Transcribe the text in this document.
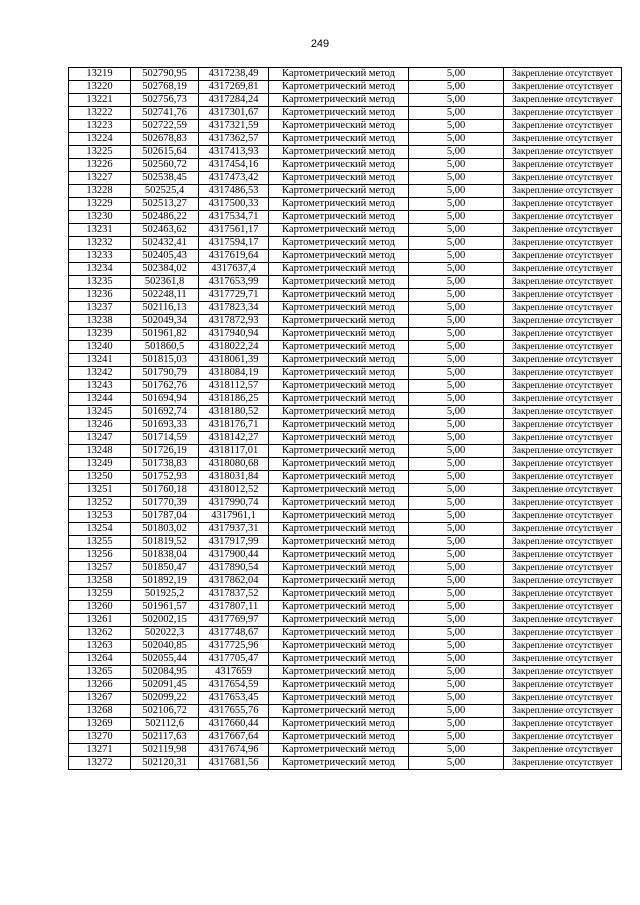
249
13219	502790,95	4317238,49	Картометрический метод	5,00	Закрепление отсутствует
13220	502768,19	4317269,81	Картометрический метод	5,00	Закрепление отсутствует
13221	502756,73	4317284,24	Картометрический метод	5,00	Закрепление отсутствует
13222	502741,76	4317301,67	Картометрический метод	5,00	Закрепление отсутствует
13223	502722,59	4317321,59	Картометрический метод	5,00	Закрепление отсутствует
13224	502678,83	4317362,57	Картометрический метод	5,00	Закрепление отсутствует
13225	502615,64	4317413,93	Картометрический метод	5,00	Закрепление отсутствует
13226	502560,72	4317454,16	Картометрический метод	5,00	Закрепление отсутствует
13227	502538,45	4317473,42	Картометрический метод	5,00	Закрепление отсутствует
13228	502525,4	4317486,53	Картометрический метод	5,00	Закрепление отсутствует
13229	502513,27	4317500,33	Картометрический метод	5,00	Закрепление отсутствует
13230	502486,22	4317534,71	Картометрический метод	5,00	Закрепление отсутствует
13231	502463,62	4317561,17	Картометрический метод	5,00	Закрепление отсутствует
13232	502432,41	4317594,17	Картометрический метод	5,00	Закрепление отсутствует
13233	502405,43	4317619,64	Картометрический метод	5,00	Закрепление отсутствует
13234	502384,02	4317637,4	Картометрический метод	5,00	Закрепление отсутствует
13235	502361,8	4317653,99	Картометрический метод	5,00	Закрепление отсутствует
13236	502248,11	4317729,71	Картометрический метод	5,00	Закрепление отсутствует
13237	502116,13	4317823,34	Картометрический метод	5,00	Закрепление отсутствует
13238	502049,34	4317872,93	Картометрический метод	5,00	Закрепление отсутствует
13239	501961,82	4317940,94	Картометрический метод	5,00	Закрепление отсутствует
13240	501860,5	4318022,24	Картометрический метод	5,00	Закрепление отсутствует
13241	501815,03	4318061,39	Картометрический метод	5,00	Закрепление отсутствует
13242	501790,79	4318084,19	Картометрический метод	5,00	Закрепление отсутствует
13243	501762,76	4318112,57	Картометрический метод	5,00	Закрепление отсутствует
13244	501694,94	4318186,25	Картометрический метод	5,00	Закрепление отсутствует
13245	501692,74	4318180,52	Картометрический метод	5,00	Закрепление отсутствует
13246	501693,33	4318176,71	Картометрический метод	5,00	Закрепление отсутствует
13247	501714,59	4318142,27	Картометрический метод	5,00	Закрепление отсутствует
13248	501726,19	4318117,01	Картометрический метод	5,00	Закрепление отсутствует
13249	501738,83	4318080,68	Картометрический метод	5,00	Закрепление отсутствует
13250	501752,93	4318031,84	Картометрический метод	5,00	Закрепление отсутствует
13251	501760,18	4318012,52	Картометрический метод	5,00	Закрепление отсутствует
13252	501770,39	4317990,74	Картометрический метод	5,00	Закрепление отсутствует
13253	501787,04	4317961,1	Картометрический метод	5,00	Закрепление отсутствует
13254	501803,02	4317937,31	Картометрический метод	5,00	Закрепление отсутствует
13255	501819,52	4317917,99	Картометрический метод	5,00	Закрепление отсутствует
13256	501838,04	4317900,44	Картометрический метод	5,00	Закрепление отсутствует
13257	501850,47	4317890,54	Картометрический метод	5,00	Закрепление отсутствует
13258	501892,19	4317862,04	Картометрический метод	5,00	Закрепление отсутствует
13259	501925,2	4317837,52	Картометрический метод	5,00	Закрепление отсутствует
13260	501961,57	4317807,11	Картометрический метод	5,00	Закрепление отсутствует
13261	502002,15	4317769,97	Картометрический метод	5,00	Закрепление отсутствует
13262	502022,3	4317748,67	Картометрический метод	5,00	Закрепление отсутствует
13263	502040,85	4317725,96	Картометрический метод	5,00	Закрепление отсутствует
13264	502055,44	4317705,47	Картометрический метод	5,00	Закрепление отсутствует
13265	502084,95	4317659	Картометрический метод	5,00	Закрепление отсутствует
13266	502091,45	4317654,59	Картометрический метод	5,00	Закрепление отсутствует
13267	502099,22	4317653,45	Картометрический метод	5,00	Закрепление отсутствует
13268	502106,72	4317655,76	Картометрический метод	5,00	Закрепление отсутствует
13269	502112,6	4317660,44	Картометрический метод	5,00	Закрепление отсутствует
13270	502117,63	4317667,64	Картометрический метод	5,00	Закрепление отсутствует
13271	502119,98	4317674,96	Картометрический метод	5,00	Закрепление отсутствует
13272	502120,31	4317681,56	Картометрический метод	5,00	Закрепление отсутствует
